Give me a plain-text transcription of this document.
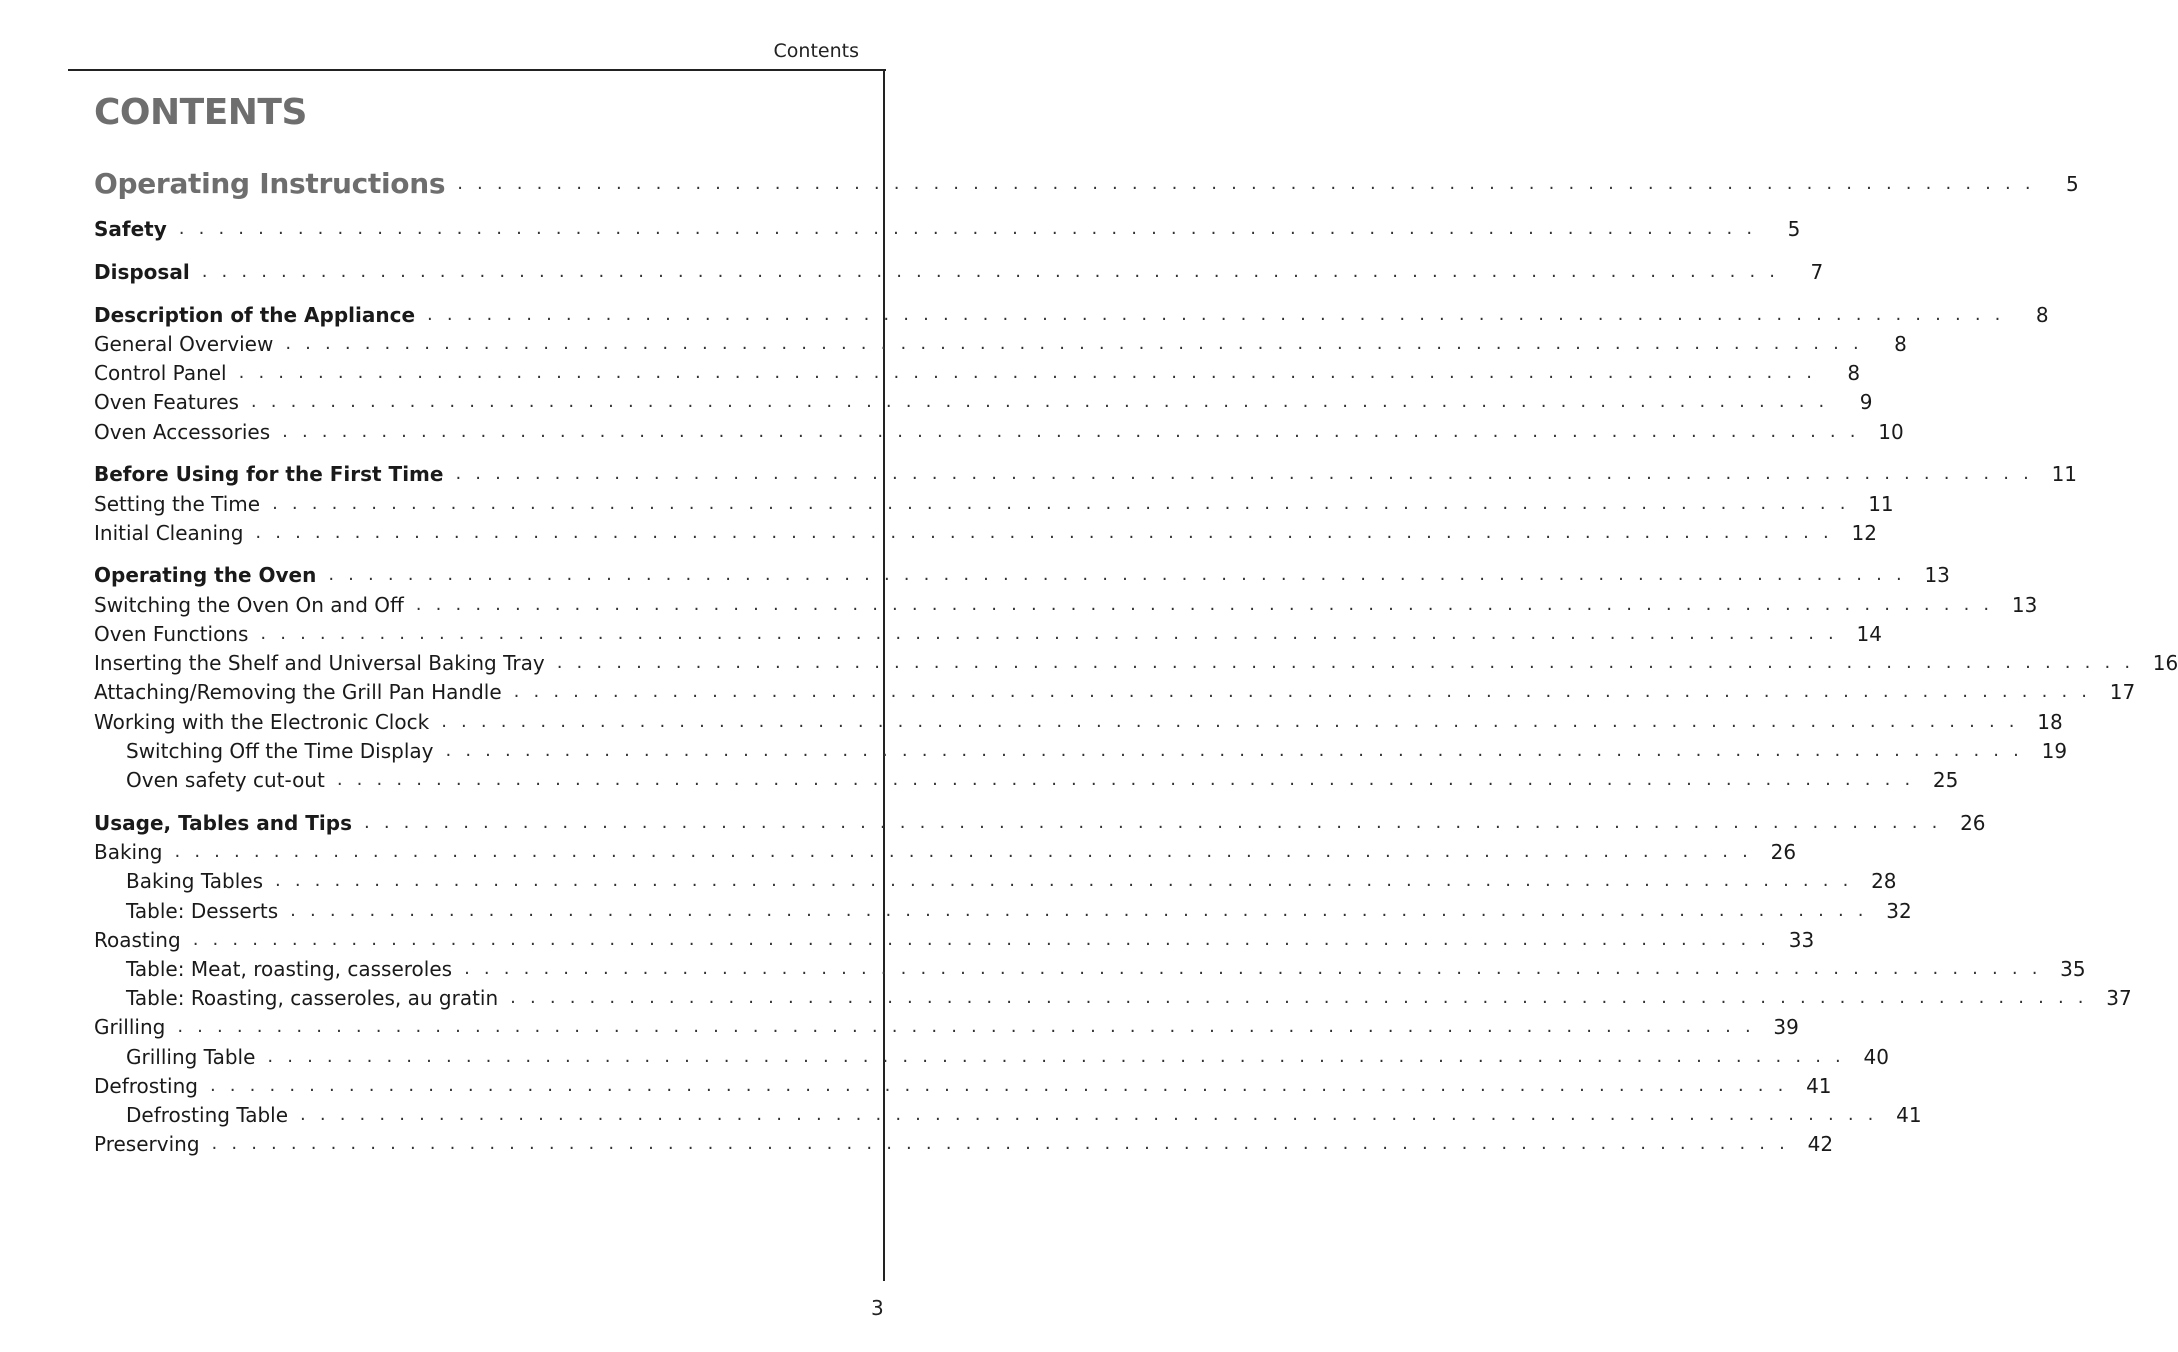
Contents
CONTENTS
Operating Instructions . . . . . . . . . . . . . . . . . . . . . . . . . . . . . . . . . . . . . . . . . . . . . . . . . . . . . . . . . . . . . . . . . . . . . . . . . . . . . . . .	5
Safety . . . . . . . . . . . . . . . . . . . . . . . . . . . . . . . . . . . . . . . . . . . . . . . . . . . . . . . . . . . . . . . . . . . . . . . . . . . . . . . .	5
Disposal . . . . . . . . . . . . . . . . . . . . . . . . . . . . . . . . . . . . . . . . . . . . . . . . . . . . . . . . . . . . . . . . . . . . . . . . . . . . . . . .	7
Description of the Appliance . . . . . . . . . . . . . . . . . . . . . . . . . . . . . . . . . . . . . . . . . . . . . . . . . . . . . . . . . . . . . . . . . . . . . . . . . . . . . . . .	8
General Overview . . . . . . . . . . . . . . . . . . . . . . . . . . . . . . . . . . . . . . . . . . . . . . . . . . . . . . . . . . . . . . . . . . . . . . . . . . . . . . . .	8
Control Panel . . . . . . . . . . . . . . . . . . . . . . . . . . . . . . . . . . . . . . . . . . . . . . . . . . . . . . . . . . . . . . . . . . . . . . . . . . . . . . . .	8
Oven Features . . . . . . . . . . . . . . . . . . . . . . . . . . . . . . . . . . . . . . . . . . . . . . . . . . . . . . . . . . . . . . . . . . . . . . . . . . . . . . . .	9
Oven Accessories . . . . . . . . . . . . . . . . . . . . . . . . . . . . . . . . . . . . . . . . . . . . . . . . . . . . . . . . . . . . . . . . . . . . . . . . . . . . . . . . 10
Before Using for the First Time . . . . . . . . . . . . . . . . . . . . . . . . . . . . . . . . . . . . . . . . . . . . . . . . . . . . . . . . . . . . . . . . . . . . . . . . . . . . . . . . 11
Setting the Time . . . . . . . . . . . . . . . . . . . . . . . . . . . . . . . . . . . . . . . . . . . . . . . . . . . . . . . . . . . . . . . . . . . . . . . . . . . . . . . . 11
Initial Cleaning . . . . . . . . . . . . . . . . . . . . . . . . . . . . . . . . . . . . . . . . . . . . . . . . . . . . . . . . . . . . . . . . . . . . . . . . . . . . . . . . 12
Operating the Oven . . . . . . . . . . . . . . . . . . . . . . . . . . . . . . . . . . . . . . . . . . . . . . . . . . . . . . . . . . . . . . . . . . . . . . . . . . . . . . . . 13
Switching the Oven On and Off . . . . . . . . . . . . . . . . . . . . . . . . . . . . . . . . . . . . . . . . . . . . . . . . . . . . . . . . . . . . . . . . . . . . . . . . . . . . . . . . 13
Oven Functions . . . . . . . . . . . . . . . . . . . . . . . . . . . . . . . . . . . . . . . . . . . . . . . . . . . . . . . . . . . . . . . . . . . . . . . . . . . . . . . . 14
Inserting the Shelf and Universal Baking Tray . . . . . . . . . . . . . . . . . . . . . . . . . . . . . . . . . . . . . . . . . . . . . . . . . . . . . . . . . . . . . . . . . . . . . . . . . . . . . . . . 16
Attaching/Removing the Grill Pan Handle . . . . . . . . . . . . . . . . . . . . . . . . . . . . . . . . . . . . . . . . . . . . . . . . . . . . . . . . . . . . . . . . . . . . . . . . . . . . . . . . 17
Working with the Electronic Clock . . . . . . . . . . . . . . . . . . . . . . . . . . . . . . . . . . . . . . . . . . . . . . . . . . . . . . . . . . . . . . . . . . . . . . . . . . . . . . . . 18
Switching Off the Time Display . . . . . . . . . . . . . . . . . . . . . . . . . . . . . . . . . . . . . . . . . . . . . . . . . . . . . . . . . . . . . . . . . . . . . . . . . . . . . . . . 19
Oven safety cut-out . . . . . . . . . . . . . . . . . . . . . . . . . . . . . . . . . . . . . . . . . . . . . . . . . . . . . . . . . . . . . . . . . . . . . . . . . . . . . . . . 25
Usage, Tables and Tips . . . . . . . . . . . . . . . . . . . . . . . . . . . . . . . . . . . . . . . . . . . . . . . . . . . . . . . . . . . . . . . . . . . . . . . . . . . . . . . . 26
Baking . . . . . . . . . . . . . . . . . . . . . . . . . . . . . . . . . . . . . . . . . . . . . . . . . . . . . . . . . . . . . . . . . . . . . . . . . . . . . . . . 26
Baking Tables . . . . . . . . . . . . . . . . . . . . . . . . . . . . . . . . . . . . . . . . . . . . . . . . . . . . . . . . . . . . . . . . . . . . . . . . . . . . . . . . 28
Table: Desserts . . . . . . . . . . . . . . . . . . . . . . . . . . . . . . . . . . . . . . . . . . . . . . . . . . . . . . . . . . . . . . . . . . . . . . . . . . . . . . . . 32
Roasting . . . . . . . . . . . . . . . . . . . . . . . . . . . . . . . . . . . . . . . . . . . . . . . . . . . . . . . . . . . . . . . . . . . . . . . . . . . . . . . . 33
Table: Meat, roasting, casseroles . . . . . . . . . . . . . . . . . . . . . . . . . . . . . . . . . . . . . . . . . . . . . . . . . . . . . . . . . . . . . . . . . . . . . . . . . . . . . . . . 35
Table: Roasting, casseroles, au gratin . . . . . . . . . . . . . . . . . . . . . . . . . . . . . . . . . . . . . . . . . . . . . . . . . . . . . . . . . . . . . . . . . . . . . . . . . . . . . . . . 37
Grilling . . . . . . . . . . . . . . . . . . . . . . . . . . . . . . . . . . . . . . . . . . . . . . . . . . . . . . . . . . . . . . . . . . . . . . . . . . . . . . . . 39
Grilling Table . . . . . . . . . . . . . . . . . . . . . . . . . . . . . . . . . . . . . . . . . . . . . . . . . . . . . . . . . . . . . . . . . . . . . . . . . . . . . . . . 40
Defrosting . . . . . . . . . . . . . . . . . . . . . . . . . . . . . . . . . . . . . . . . . . . . . . . . . . . . . . . . . . . . . . . . . . . . . . . . . . . . . . . . 41
Defrosting Table . . . . . . . . . . . . . . . . . . . . . . . . . . . . . . . . . . . . . . . . . . . . . . . . . . . . . . . . . . . . . . . . . . . . . . . . . . . . . . . . 41
Preserving . . . . . . . . . . . . . . . . . . . . . . . . . . . . . . . . . . . . . . . . . . . . . . . . . . . . . . . . . . . . . . . . . . . . . . . . . . . . . . . . 42
3
